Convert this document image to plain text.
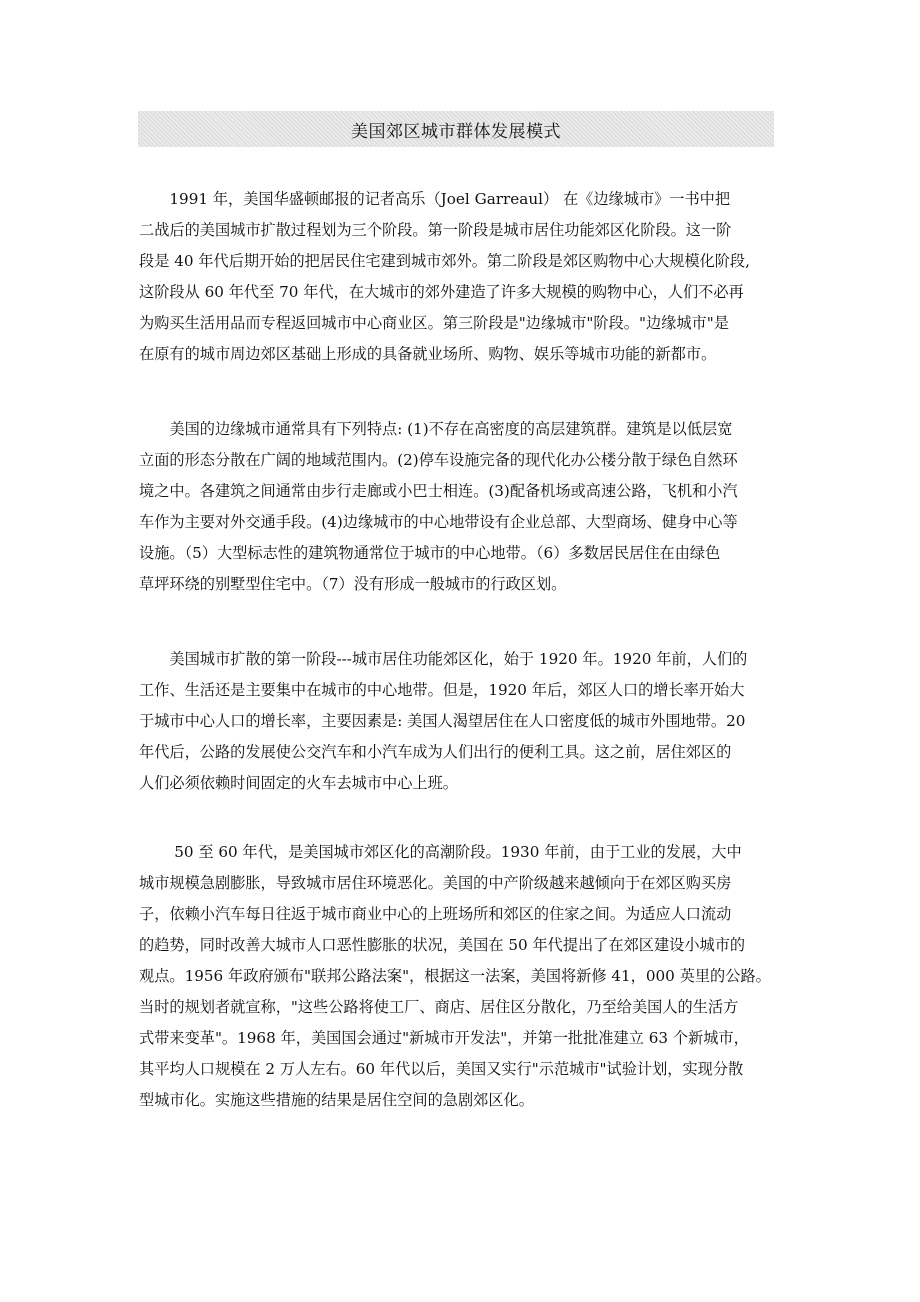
美国郊区城市群体发展模式
　　1991 年，美国华盛顿邮报的记者高乐（Joel Garreaul） 在《边缘城市》一书中把
二战后的美国城市扩散过程划为三个阶段。第一阶段是城市居住功能郊区化阶段。这一阶
段是 40 年代后期开始的把居民住宅建到城市郊外。第二阶段是郊区购物中心大规模化阶段,
这阶段从 60 年代至 70 年代，在大城市的郊外建造了许多大规模的购物中心，人们不必再
为购买生活用品而专程返回城市中心商业区。第三阶段是"边缘城市"阶段。"边缘城市"是
在原有的城市周边郊区基础上形成的具备就业场所、购物、娱乐等城市功能的新都市。
　　美国的边缘城市通常具有下列特点: (1)不存在高密度的高层建筑群。建筑是以低层宽
立面的形态分散在广阔的地域范围内。(2)停车设施完备的现代化办公楼分散于绿色自然环
境之中。各建筑之间通常由步行走廊或小巴士相连。(3)配备机场或高速公路，飞机和小汽
车作为主要对外交通手段。(4)边缘城市的中心地带设有企业总部、大型商场、健身中心等
设施。（5）大型标志性的建筑物通常位于城市的中心地带。（6）多数居民居住在由绿色
草坪环绕的别墅型住宅中。（7）没有形成一般城市的行政区划。
　　美国城市扩散的第一阶段---城市居住功能郊区化，始于 1920 年。1920 年前，人们的
工作、生活还是主要集中在城市的中心地带。但是，1920 年后，郊区人口的增长率开始大
于城市中心人口的增长率，主要因素是: 美国人渴望居住在人口密度低的城市外围地带。20
年代后，公路的发展使公交汽车和小汽车成为人们出行的便利工具。这之前，居住郊区的
人们必须依赖时间固定的火车去城市中心上班。
　　 50 至 60 年代，是美国城市郊区化的高潮阶段。1930 年前，由于工业的发展，大中
城市规模急剧膨胀，导致城市居住环境恶化。美国的中产阶级越来越倾向于在郊区购买房
子，依赖小汽车每日往返于城市商业中心的上班场所和郊区的住家之间。为适应人口流动
的趋势，同时改善大城市人口恶性膨胀的状况，美国在 50 年代提出了在郊区建设小城市的
观点。1956 年政府颁布"联邦公路法案"，根据这一法案，美国将新修 41，000 英里的公路。
当时的规划者就宣称，"这些公路将使工厂、商店、居住区分散化，乃至给美国人的生活方
式带来变革"。1968 年，美国国会通过"新城市开发法"，并第一批批准建立 63 个新城市，
其平均人口规模在 2 万人左右。60 年代以后，美国又实行"示范城市"试验计划，实现分散
型城市化。实施这些措施的结果是居住空间的急剧郊区化。
